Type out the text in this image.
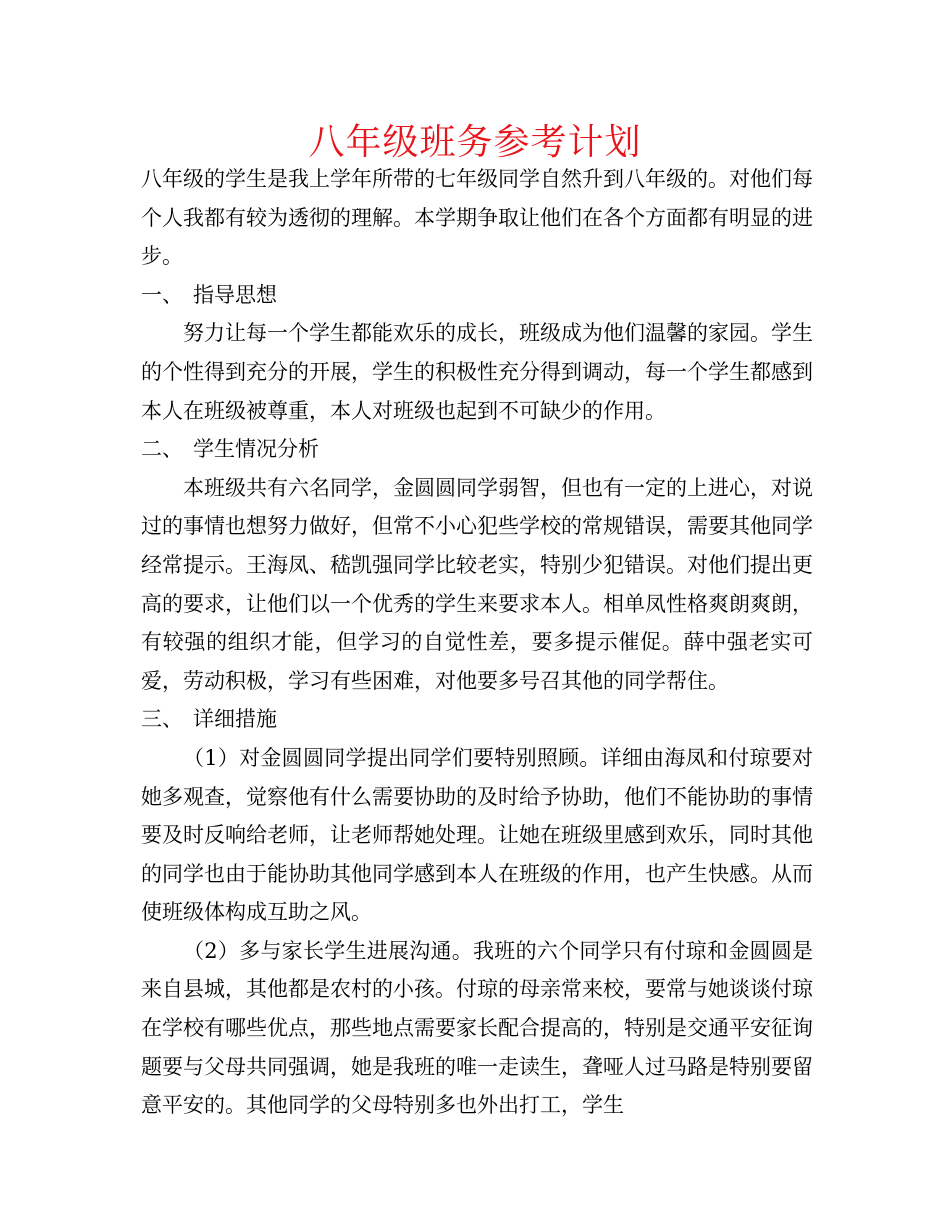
八年级班务参考计划

八年级的学生是我上学年所带的七年级同学自然升到八年级的。对他们每个人我都有较为透彻的理解。本学期争取让他们在各个方面都有明显的进步。

一、 指导思想

努力让每一个学生都能欢乐的成长，班级成为他们温馨的家园。学生的个性得到充分的开展，学生的积极性充分得到调动，每一个学生都感到本人在班级被尊重，本人对班级也起到不可缺少的作用。

二、 学生情况分析

本班级共有六名同学，金圆圆同学弱智，但也有一定的上进心，对说过的事情也想努力做好，但常不小心犯些学校的常规错误，需要其他同学经常提示。王海凤、嵇凯强同学比较老实，特别少犯错误。对他们提出更高的要求，让他们以一个优秀的学生来要求本人。相单凤性格爽朗爽朗，有较强的组织才能，但学习的自觉性差，要多提示催促。薛中强老实可爱，劳动积极，学习有些困难，对他要多号召其他的同学帮住。

三、 详细措施

（1）对金圆圆同学提出同学们要特别照顾。详细由海凤和付琼要对她多观查，觉察他有什么需要协助的及时给予协助，他们不能协助的事情要及时反响给老师，让老师帮她处理。让她在班级里感到欢乐，同时其他的同学也由于能协助其他同学感到本人在班级的作用，也产生快感。从而使班级体构成互助之风。

（2）多与家长学生进展沟通。我班的六个同学只有付琼和金圆圆是来自县城，其他都是农村的小孩。付琼的母亲常来校，要常与她谈谈付琼在学校有哪些优点，那些地点需要家长配合提高的，特别是交通平安征询题要与父母共同强调，她是我班的唯一走读生，聋哑人过马路是特别要留意平安的。其他同学的父母特别多也外出打工，学生
